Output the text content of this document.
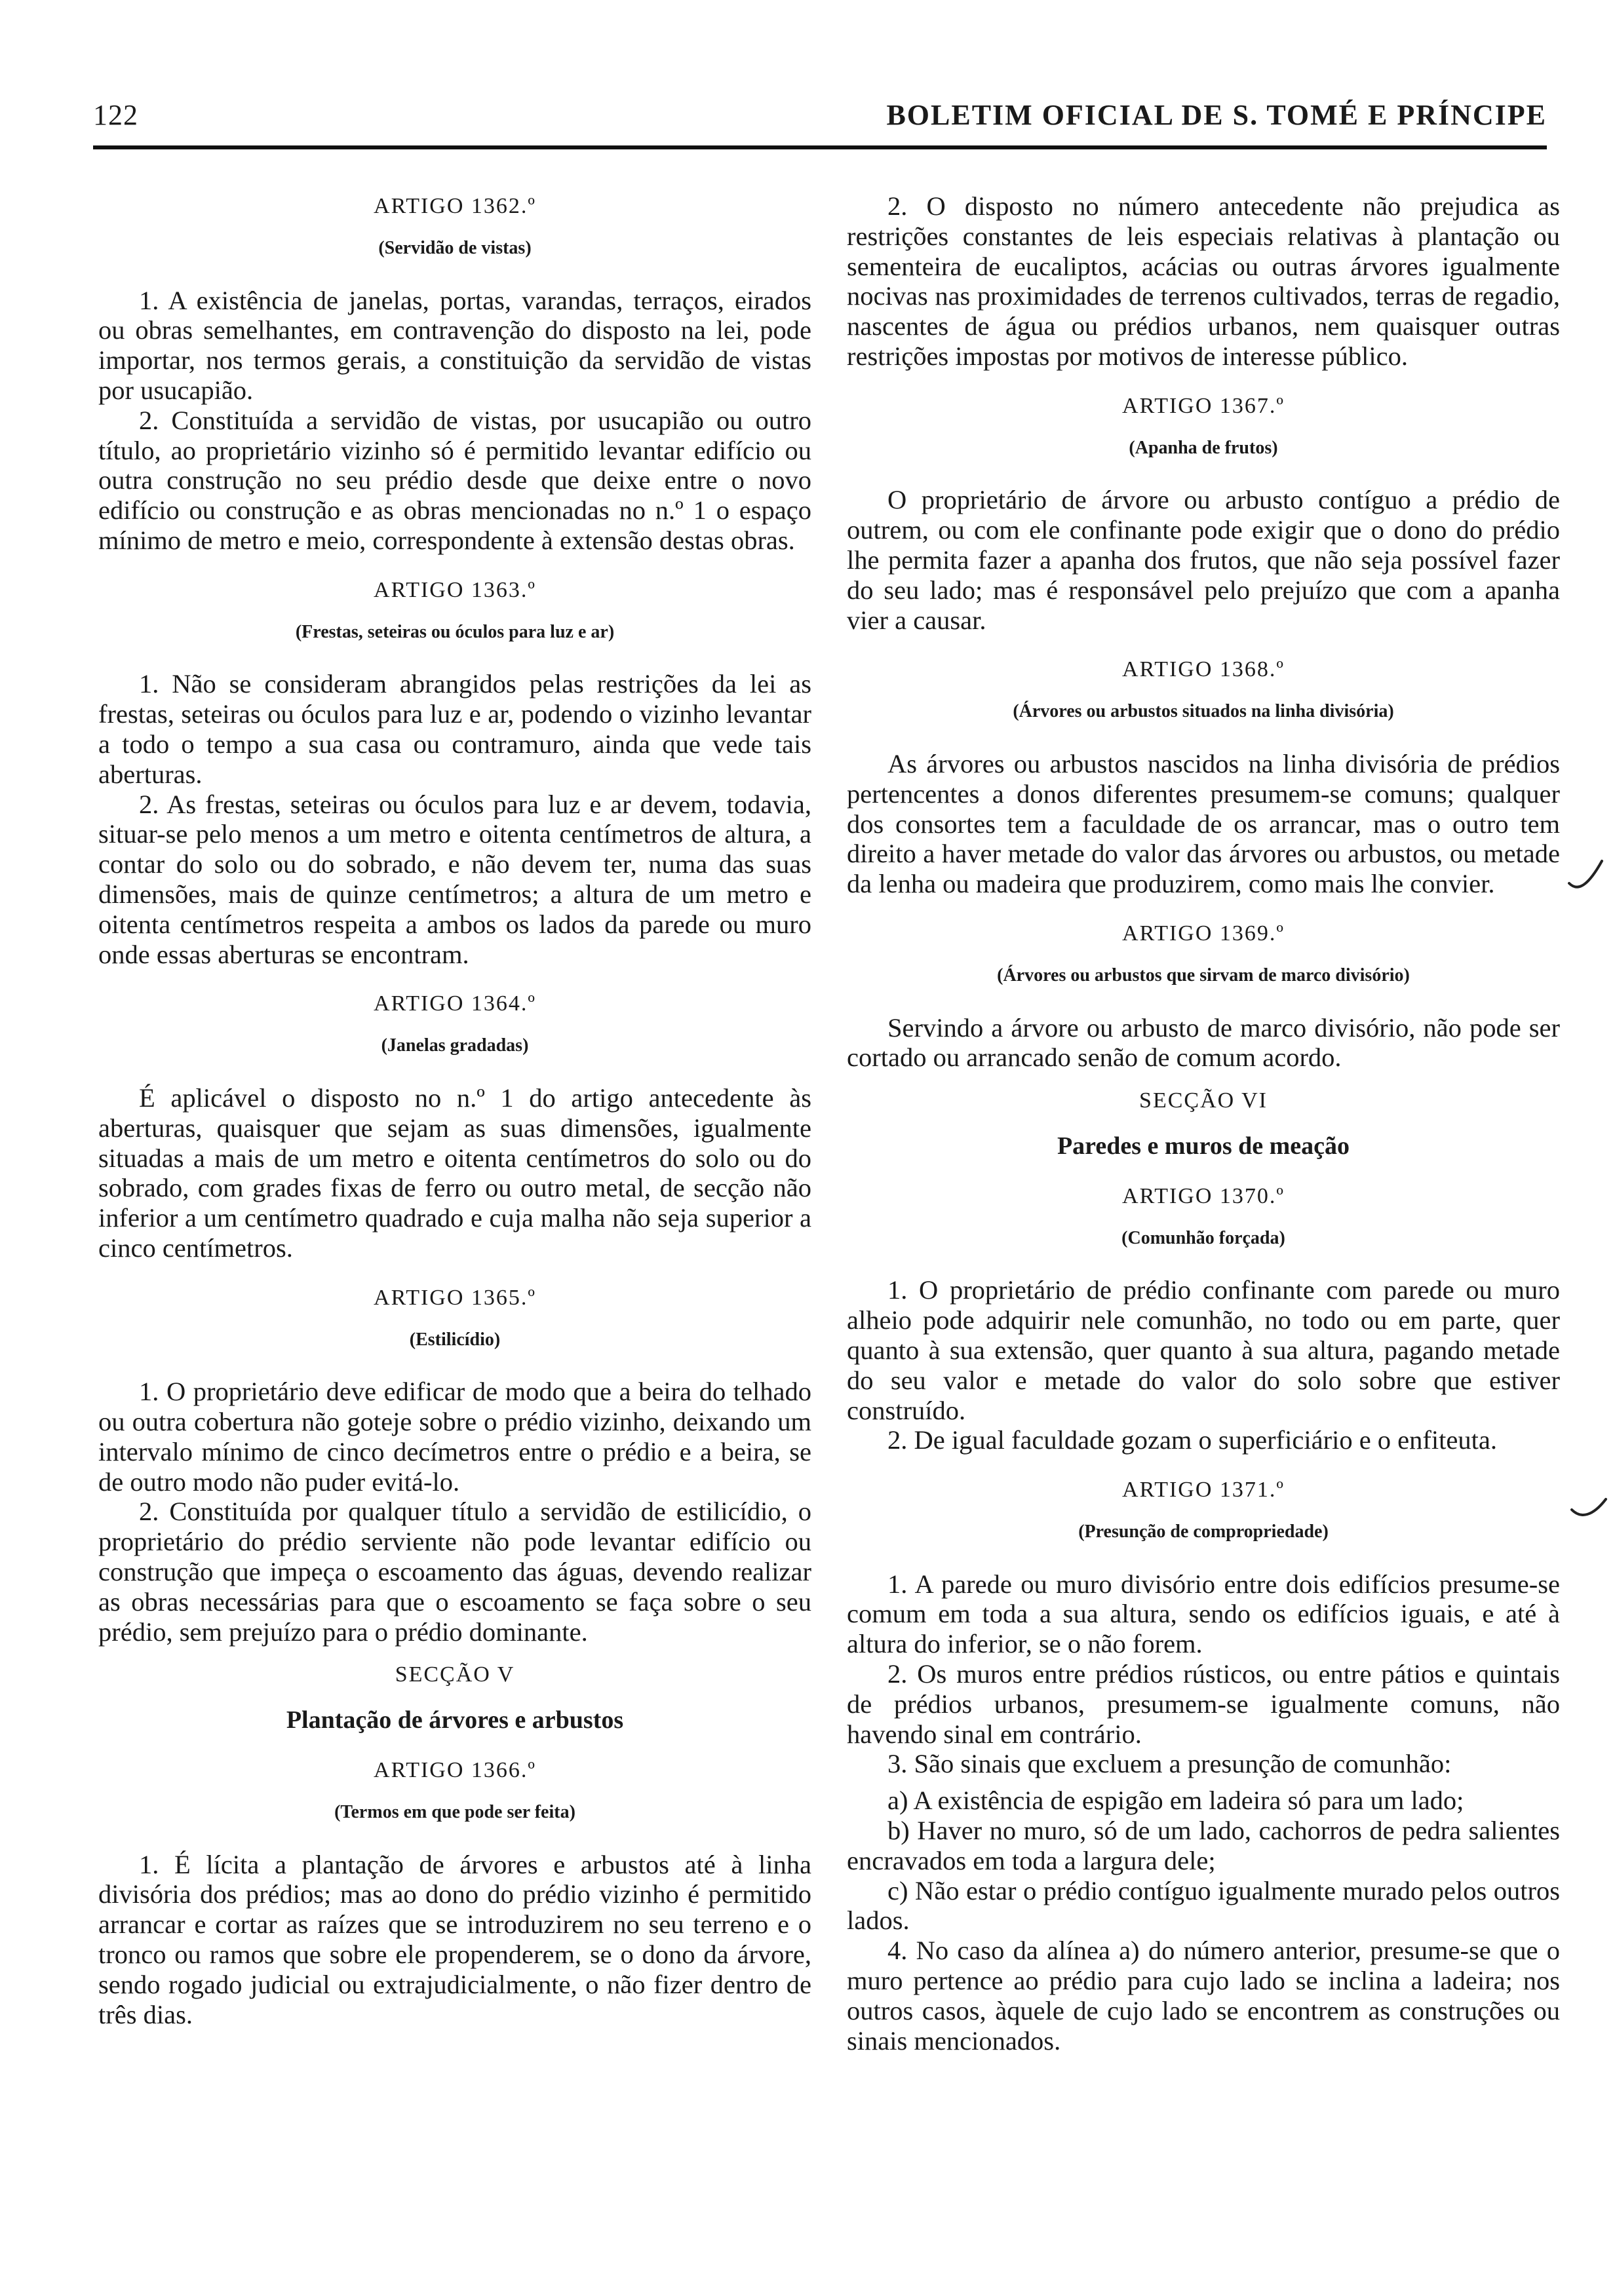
122	BOLETIM OFICIAL DE S. TOMÉ E PRÍNCIPE
ARTIGO 1362.º
(Servidão de vistas)

1. A existência de janelas, portas, varandas, terraços, eirados ou obras semelhantes, em contravenção do disposto na lei, pode importar, nos termos gerais, a constituição da servidão de vistas por usucapião.

2. Constituída a servidão de vistas, por usucapião ou outro título, ao proprietário vizinho só é permitido levantar edifício ou outra construção no seu prédio desde que deixe entre o novo edifício ou construção e as obras mencionadas no n.º 1 o espaço mínimo de metro e meio, correspondente à extensão destas obras.

ARTIGO 1363.º
(Frestas, seteiras ou óculos para luz e ar)

1. Não se consideram abrangidos pelas restrições da lei as frestas, seteiras ou óculos para luz e ar, podendo o vizinho levantar a todo o tempo a sua casa ou contramuro, ainda que vede tais aberturas.

2. As frestas, seteiras ou óculos para luz e ar devem, todavia, situar-se pelo menos a um metro e oitenta centímetros de altura, a contar do solo ou do sobrado, e não devem ter, numa das suas dimensões, mais de quinze centímetros; a altura de um metro e oitenta centímetros respeita a ambos os lados da parede ou muro onde essas aberturas se encontram.

ARTIGO 1364.º
(Janelas gradadas)

É aplicável o disposto no n.º 1 do artigo antecedente às aberturas, quaisquer que sejam as suas dimensões, igualmente situadas a mais de um metro e oitenta centímetros do solo ou do sobrado, com grades fixas de ferro ou outro metal, de secção não inferior a um centímetro quadrado e cuja malha não seja superior a cinco centímetros.

ARTIGO 1365.º
(Estilicídio)

1. O proprietário deve edificar de modo que a beira do telhado ou outra cobertura não goteje sobre o prédio vizinho, deixando um intervalo mínimo de cinco decímetros entre o prédio e a beira, se de outro modo não puder evitá-lo.

2. Constituída por qualquer título a servidão de estilicídio, o proprietário do prédio serviente não pode levantar edifício ou construção que impeça o escoamento das águas, devendo realizar as obras necessárias para que o escoamento se faça sobre o seu prédio, sem prejuízo para o prédio dominante.

SECÇÃO V
Plantação de árvores e arbustos
ARTIGO 1366.º
(Termos em que pode ser feita)

1. É lícita a plantação de árvores e arbustos até à linha divisória dos prédios; mas ao dono do prédio vizinho é permitido arrancar e cortar as raízes que se introduzirem no seu terreno e o tronco ou ramos que sobre ele propenderem, se o dono da árvore, sendo rogado judicial ou extrajudicialmente, o não fizer dentro de três dias.

2. O disposto no número antecedente não prejudica as restrições constantes de leis especiais relativas à plantação ou sementeira de eucaliptos, acácias ou outras árvores igualmente nocivas nas proximidades de terrenos cultivados, terras de regadio, nascentes de água ou prédios urbanos, nem quaisquer outras restrições impostas por motivos de interesse público.

ARTIGO 1367.º
(Apanha de frutos)

O proprietário de árvore ou arbusto contíguo a prédio de outrem, ou com ele confinante pode exigir que o dono do prédio lhe permita fazer a apanha dos frutos, que não seja possível fazer do seu lado; mas é responsável pelo prejuízo que com a apanha vier a causar.

ARTIGO 1368.º
(Árvores ou arbustos situados na linha divisória)

As árvores ou arbustos nascidos na linha divisória de prédios pertencentes a donos diferentes presumem-se comuns; qualquer dos consortes tem a faculdade de os arrancar, mas o outro tem direito a haver metade do valor das árvores ou arbustos, ou metade da lenha ou madeira que produzirem, como mais lhe convier.

ARTIGO 1369.º
(Árvores ou arbustos que sirvam de marco divisório)

Servindo a árvore ou arbusto de marco divisório, não pode ser cortado ou arrancado senão de comum acordo.

SECÇÃO VI
Paredes e muros de meação
ARTIGO 1370.º
(Comunhão forçada)

1. O proprietário de prédio confinante com parede ou muro alheio pode adquirir nele comunhão, no todo ou em parte, quer quanto à sua extensão, quer quanto à sua altura, pagando metade do seu valor e metade do valor do solo sobre que estiver construído.

2. De igual faculdade gozam o superficiário e o enfiteuta.

ARTIGO 1371.º
(Presunção de compropriedade)

1. A parede ou muro divisório entre dois edifícios presume-se comum em toda a sua altura, sendo os edifícios iguais, e até à altura do inferior, se o não forem.

2. Os muros entre prédios rústicos, ou entre pátios e quintais de prédios urbanos, presumem-se igualmente comuns, não havendo sinal em contrário.

3. São sinais que excluem a presunção de comunhão:

a) A existência de espigão em ladeira só para um lado;

b) Haver no muro, só de um lado, cachorros de pedra salientes encravados em toda a largura dele;

c) Não estar o prédio contíguo igualmente murado pelos outros lados.

4. No caso da alínea a) do número anterior, presume-se que o muro pertence ao prédio para cujo lado se inclina a ladeira; nos outros casos, àquele de cujo lado se encontrem as construções ou sinais mencionados.
